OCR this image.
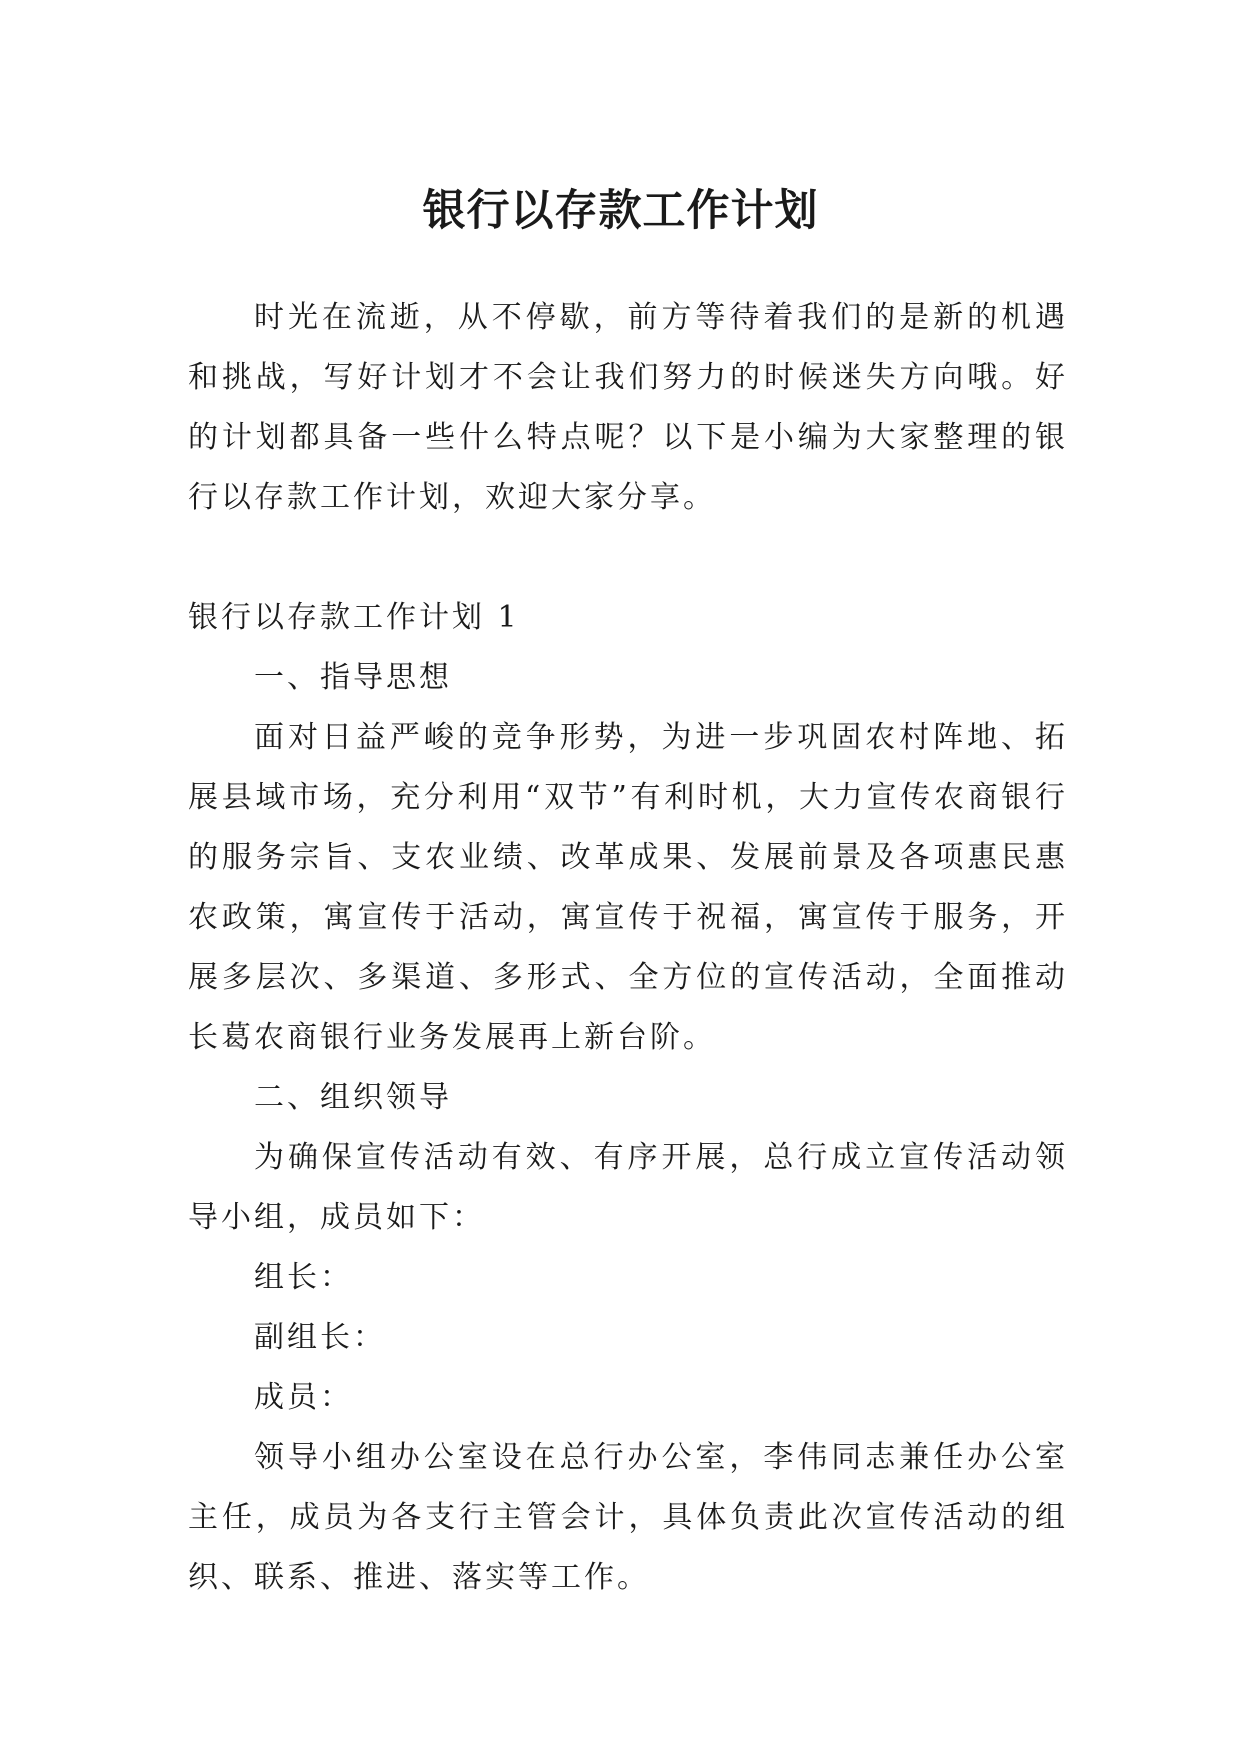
银行以存款工作计划

时光在流逝，从不停歇，前方等待着我们的是新的机遇和挑战，写好计划才不会让我们努力的时候迷失方向哦。好的计划都具备一些什么特点呢？以下是小编为大家整理的银行以存款工作计划，欢迎大家分享。

银行以存款工作计划 1

一、指导思想

面对日益严峻的竞争形势，为进一步巩固农村阵地、拓展县域市场，充分利用“双节”有利时机，大力宣传农商银行的服务宗旨、支农业绩、改革成果、发展前景及各项惠民惠农政策，寓宣传于活动，寓宣传于祝福，寓宣传于服务，开展多层次、多渠道、多形式、全方位的宣传活动，全面推动长葛农商银行业务发展再上新台阶。

二、组织领导

为确保宣传活动有效、有序开展，总行成立宣传活动领导小组，成员如下：

组长：

副组长：

成员：

领导小组办公室设在总行办公室，李伟同志兼任办公室主任，成员为各支行主管会计，具体负责此次宣传活动的组织、联系、推进、落实等工作。
